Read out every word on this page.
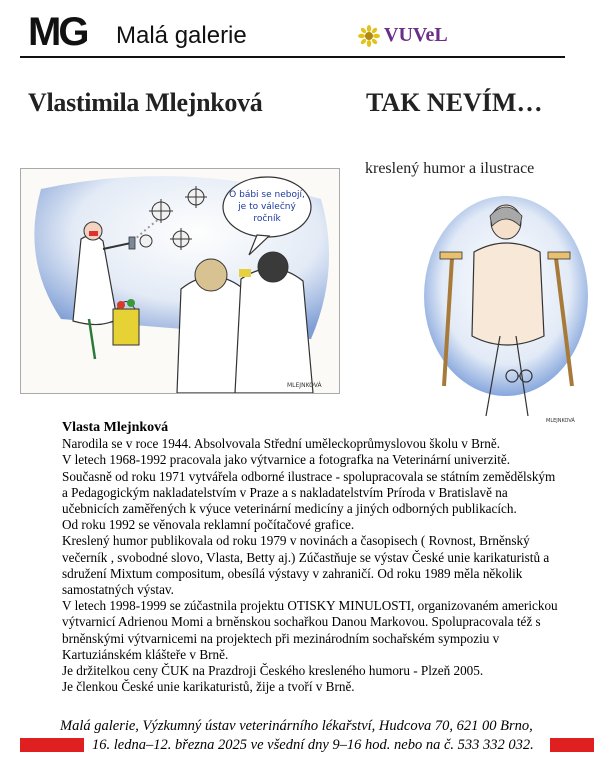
MG Malá galerie	VUVeL
Vlastimila Mlejnková	TAK NEVÍM…
kreslený humor a ilustrace
O bábi se nebojí,
je to válečný
ročník
MLEJNKOVÁ
MLEJNKOVÁ
Vlasta Mlejnková
Narodila se v roce 1944. Absolvovala Střední uměleckoprůmyslovou školu v Brně.
V letech 1968-1992 pracovala jako výtvarnice a fotografka na Veterinární univerzitě.
Současně od roku 1971 vytvářela odborné ilustrace - spolupracovala se státním zemědělským
a Pedagogickým nakladatelstvím v Praze a s nakladatelstvím Príroda v Bratislavě na
učebnicích zaměřených k výuce veterinární medicíny a jiných odborných publikacích.
Od roku 1992 se věnovala reklamní počítačové grafice.
Kreslený humor publikovala od roku 1979 v novinách a časopisech ( Rovnost, Brněnský
večerník , svobodné slovo, Vlasta, Betty aj.) Zúčastňuje se výstav České unie karikaturistů a
sdružení Mixtum compositum, obesílá výstavy v zahraničí. Od roku 1989 měla několik
samostatných výstav.
V letech 1998-1999 se zúčastnila projektu OTISKY MINULOSTI, organizovaném americkou
výtvarnicí Adrienou Momi a brněnskou sochařkou Danou Markovou. Spolupracovala též s
brněnskými výtvarnicemi na projektech při mezinárodním sochařském sympoziu v
Kartuziánském klášteře v Brně.
Je držitelkou ceny ČUK na Prazdroji Českého kresleného humoru - Plzeň 2005.
Je členkou České unie karikaturistů, žije a tvoří v Brně.
Malá galerie, Výzkumný ústav veterinárního lékařství, Hudcova 70, 621 00 Brno,
16. ledna–12. března 2025 ve všední dny 9–16 hod. nebo na č. 533 332 032.
